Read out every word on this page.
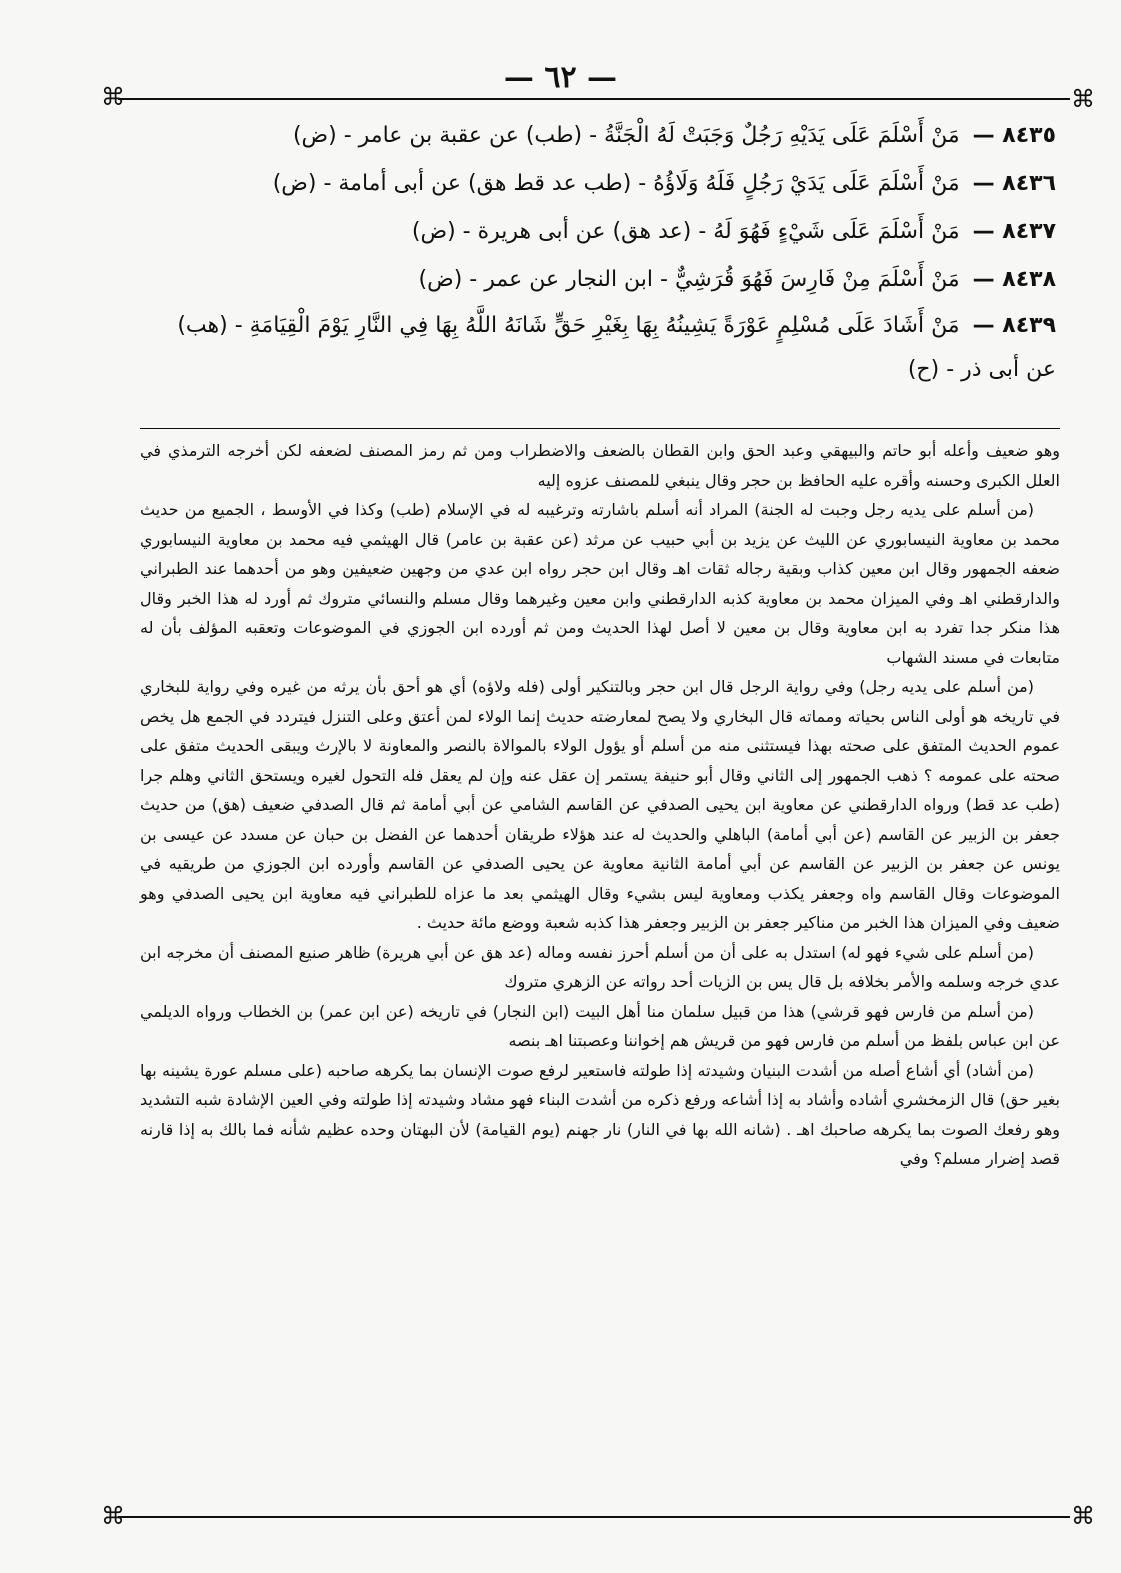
— ٦٢ —
⌘	⌘
⌘	⌘

٨٤٣٥ — مَنْ أَسْلَمَ عَلَى يَدَيْهِ رَجُلٌ وَجَبَتْ لَهُ الْجَنَّةُ - (طب) عن عقبة بن عامر - (ض)

٨٤٣٦ — مَنْ أَسْلَمَ عَلَى يَدَيْ رَجُلٍ فَلَهُ وَلَاؤُهُ - (طب عد قط هق) عن أبى أمامة - (ض)

٨٤٣٧ — مَنْ أَسْلَمَ عَلَى شَيْءٍ فَهُوَ لَهُ - (عد هق) عن أبى هريرة - (ض)

٨٤٣٨ — مَنْ أَسْلَمَ مِنْ فَارِسَ فَهُوَ قُرَشِيٌّ - ابن النجار عن عمر - (ض)

٨٤٣٩ — مَنْ أَشَادَ عَلَى مُسْلِمٍ عَوْرَةً يَشِينُهُ بِهَا بِغَيْرِ حَقٍّ شَانَهُ اللَّهُ بِهَا فِي النَّارِ يَوْمَ الْقِيَامَةِ - (هب) عن أبى ذر - (ح)

وهو ضعيف وأعله أبو حاتم والبيهقي وعبد الحق وابن القطان بالضعف والاضطراب ومن ثم رمز المصنف لضعفه لكن أخرجه الترمذي في العلل الكبرى وحسنه وأقره عليه الحافظ بن حجر وقال ينبغي للمصنف عزوه إليه

(من أسلم على يديه رجل وجبت له الجنة) المراد أنه أسلم باشارته وترغيبه له في الإسلام (طب) وكذا في الأوسط ، الجميع من حديث محمد بن معاوية النيسابوري عن الليث عن يزيد بن أبي حبيب عن مرثد (عن عقبة بن عامر) قال الهيثمي فيه محمد بن معاوية النيسابوري ضعفه الجمهور وقال ابن معين كذاب وبقية رجاله ثقات اهـ وقال ابن حجر رواه ابن عدي من وجهين ضعيفين وهو من أحدهما عند الطبراني والدارقطني اهـ وفي الميزان محمد بن معاوية كذبه الدارقطني وابن معين وغيرهما وقال مسلم والنسائي متروك ثم أورد له هذا الخبر وقال هذا منكر جدا تفرد به ابن معاوية وقال بن معين لا أصل لهذا الحديث ومن ثم أورده ابن الجوزي في الموضوعات وتعقبه المؤلف بأن له متابعات في مسند الشهاب

(من أسلم على يديه رجل) وفي رواية الرجل قال ابن حجر وبالتنكير أولى (فله ولاؤه) أي هو أحق بأن يرثه من غيره وفي رواية للبخاري في تاريخه هو أولى الناس بحياته ومماته قال البخاري ولا يصح لمعارضته حديث إنما الولاء لمن أعتق وعلى التنزل فيتردد في الجمع هل يخص عموم الحديث المتفق على صحته بهذا فيستثنى منه من أسلم أو يؤول الولاء بالموالاة بالنصر والمعاونة لا بالإرث ويبقى الحديث متفق على صحته على عمومه ؟ ذهب الجمهور إلى الثاني وقال أبو حنيفة يستمر إن عقل عنه وإن لم يعقل فله التحول لغيره ويستحق الثاني وهلم جرا (طب عد قط) ورواه الدارقطني عن معاوية ابن يحيى الصدفي عن القاسم الشامي عن أبي أمامة ثم قال الصدفي ضعيف (هق) من حديث جعفر بن الزبير عن القاسم (عن أبي أمامة) الباهلي والحديث له عند هؤلاء طريقان أحدهما عن الفضل بن حبان عن مسدد عن عيسى بن يونس عن جعفر بن الزبير عن القاسم عن أبي أمامة الثانية معاوية عن يحيى الصدفي عن القاسم وأورده ابن الجوزي من طريقيه في الموضوعات وقال القاسم واه وجعفر يكذب ومعاوية ليس بشيء وقال الهيثمي بعد ما عزاه للطبراني فيه معاوية ابن يحيى الصدفي وهو ضعيف وفي الميزان هذا الخبر من مناكير جعفر بن الزبير وجعفر هذا كذبه شعبة ووضع مائة حديث .

(من أسلم على شيء فهو له) استدل به على أن من أسلم أحرز نفسه وماله (عد هق عن أبي هريرة) ظاهر صنيع المصنف أن مخرجه ابن عدي خرجه وسلمه والأمر بخلافه بل قال يس بن الزيات أحد رواته عن الزهري متروك

(من أسلم من فارس فهو قرشي) هذا من قبيل سلمان منا أهل البيت (ابن النجار) في تاريخه (عن ابن عمر) بن الخطاب ورواه الديلمي عن ابن عباس بلفظ من أسلم من فارس فهو من قريش هم إخواننا وعصبتنا اهـ بنصه

(من أشاد) أي أشاع أصله من أشدت البنيان وشيدته إذا طولته فاستعير لرفع صوت الإنسان بما يكرهه صاحبه (على مسلم عورة يشينه بها بغير حق) قال الزمخشري أشاده وأشاد به إذا أشاعه ورفع ذكره من أشدت البناء فهو مشاد وشيدته إذا طولته وفي العين الإشادة شبه التشديد وهو رفعك الصوت بما يكرهه صاحبك اهـ . (شانه الله بها في النار) نار جهنم (يوم القيامة) لأن البهتان وحده عظيم شأنه فما بالك به إذا قارنه قصد إضرار مسلم؟ وفي
